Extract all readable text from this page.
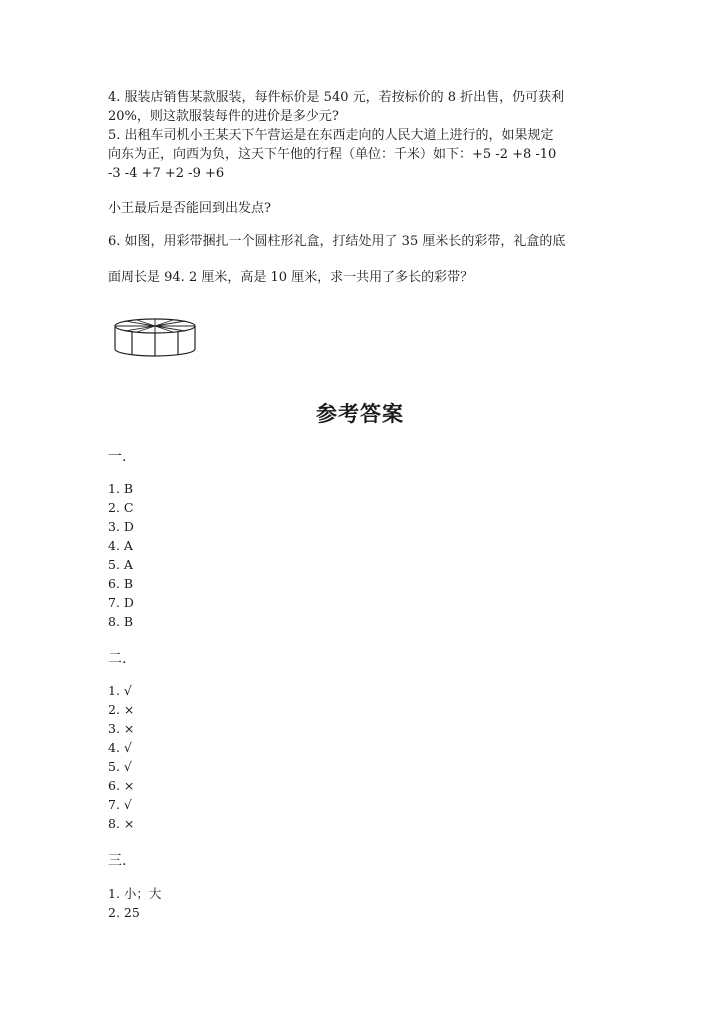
4. 服装店销售某款服装，每件标价是 540 元，若按标价的 8 折出售，仍可获利
20%，则这款服装每件的进价是多少元?
5. 出租车司机小王某天下午营运是在东西走向的人民大道上进行的，如果规定
向东为正，向西为负，这天下午他的行程（单位：千米）如下：+5 -2 +8 -10
-3 -4 +7 +2 -9 +6
小王最后是否能回到出发点?
6. 如图，用彩带捆扎一个圆柱形礼盒，打结处用了 35 厘米长的彩带，礼盒的底
面周长是 94. 2 厘米，高是 10 厘米，求一共用了多长的彩带？
参考答案
一.
1. B
2. C
3. D
4. A
5. A
6. B
7. D
8. B
二.
1. √
2. ×
3. ×
4. √
5. √
6. ×
7. √
8. ×
三.
1. 小；大
2. 25
